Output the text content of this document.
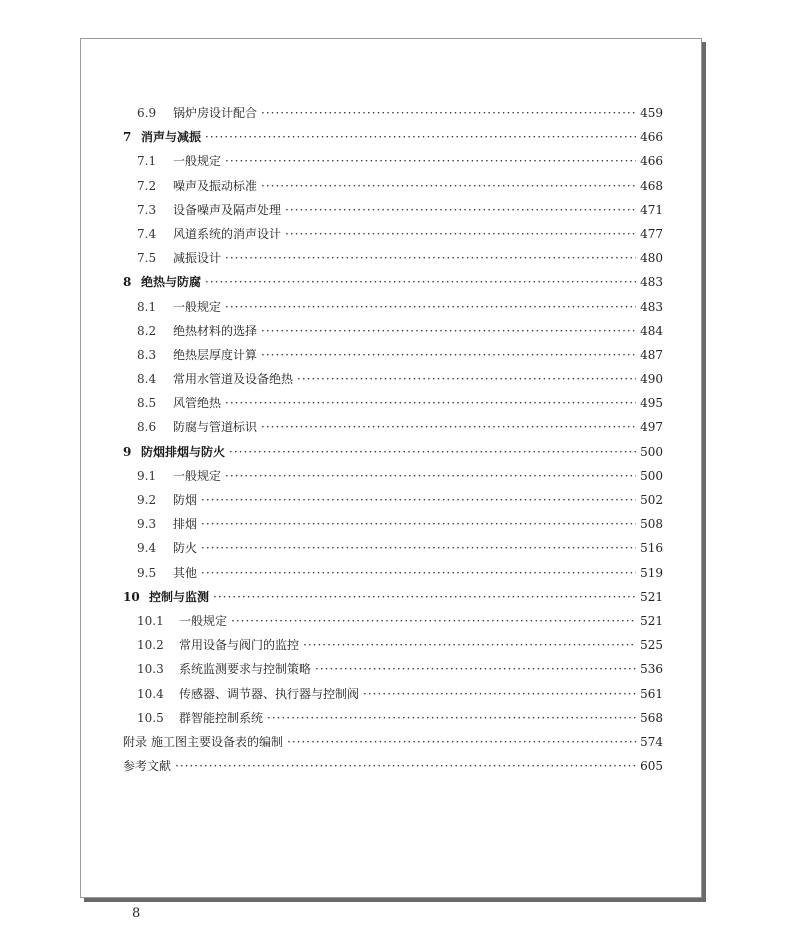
6.9	锅炉房设计配合 ·····	459
7 消声与减振 ·····	466
7.1	一般规定 ·····	466
7.2	噪声及振动标准 ·····	468
7.3	设备噪声及隔声处理 ·····	471
7.4	风道系统的消声设计 ·····	477
7.5	减振设计 ·····	480
8 绝热与防腐 ·····	483
8.1	一般规定 ·····	483
8.2	绝热材料的选择 ·····	484
8.3	绝热层厚度计算 ·····	487
8.4	常用水管道及设备绝热 ·····	490
8.5	风管绝热 ·····	495
8.6	防腐与管道标识 ·····	497
9 防烟排烟与防火 ·····	500
9.1	一般规定 ·····	500
9.2	防烟 ·····	502
9.3	排烟 ·····	508
9.4	防火 ·····	516
9.5	其他 ·····	519
10 控制与监测 ·····	521
10.1	一般规定 ·····	521
10.2	常用设备与阀门的监控 ·····	525
10.3	系统监测要求与控制策略 ·····	536
10.4	传感器、调节器、执行器与控制阀 ·····	561
10.5	群智能控制系统 ·····	568
附录 施工图主要设备表的编制 ·····	574
参考文献 ·····	605
8
